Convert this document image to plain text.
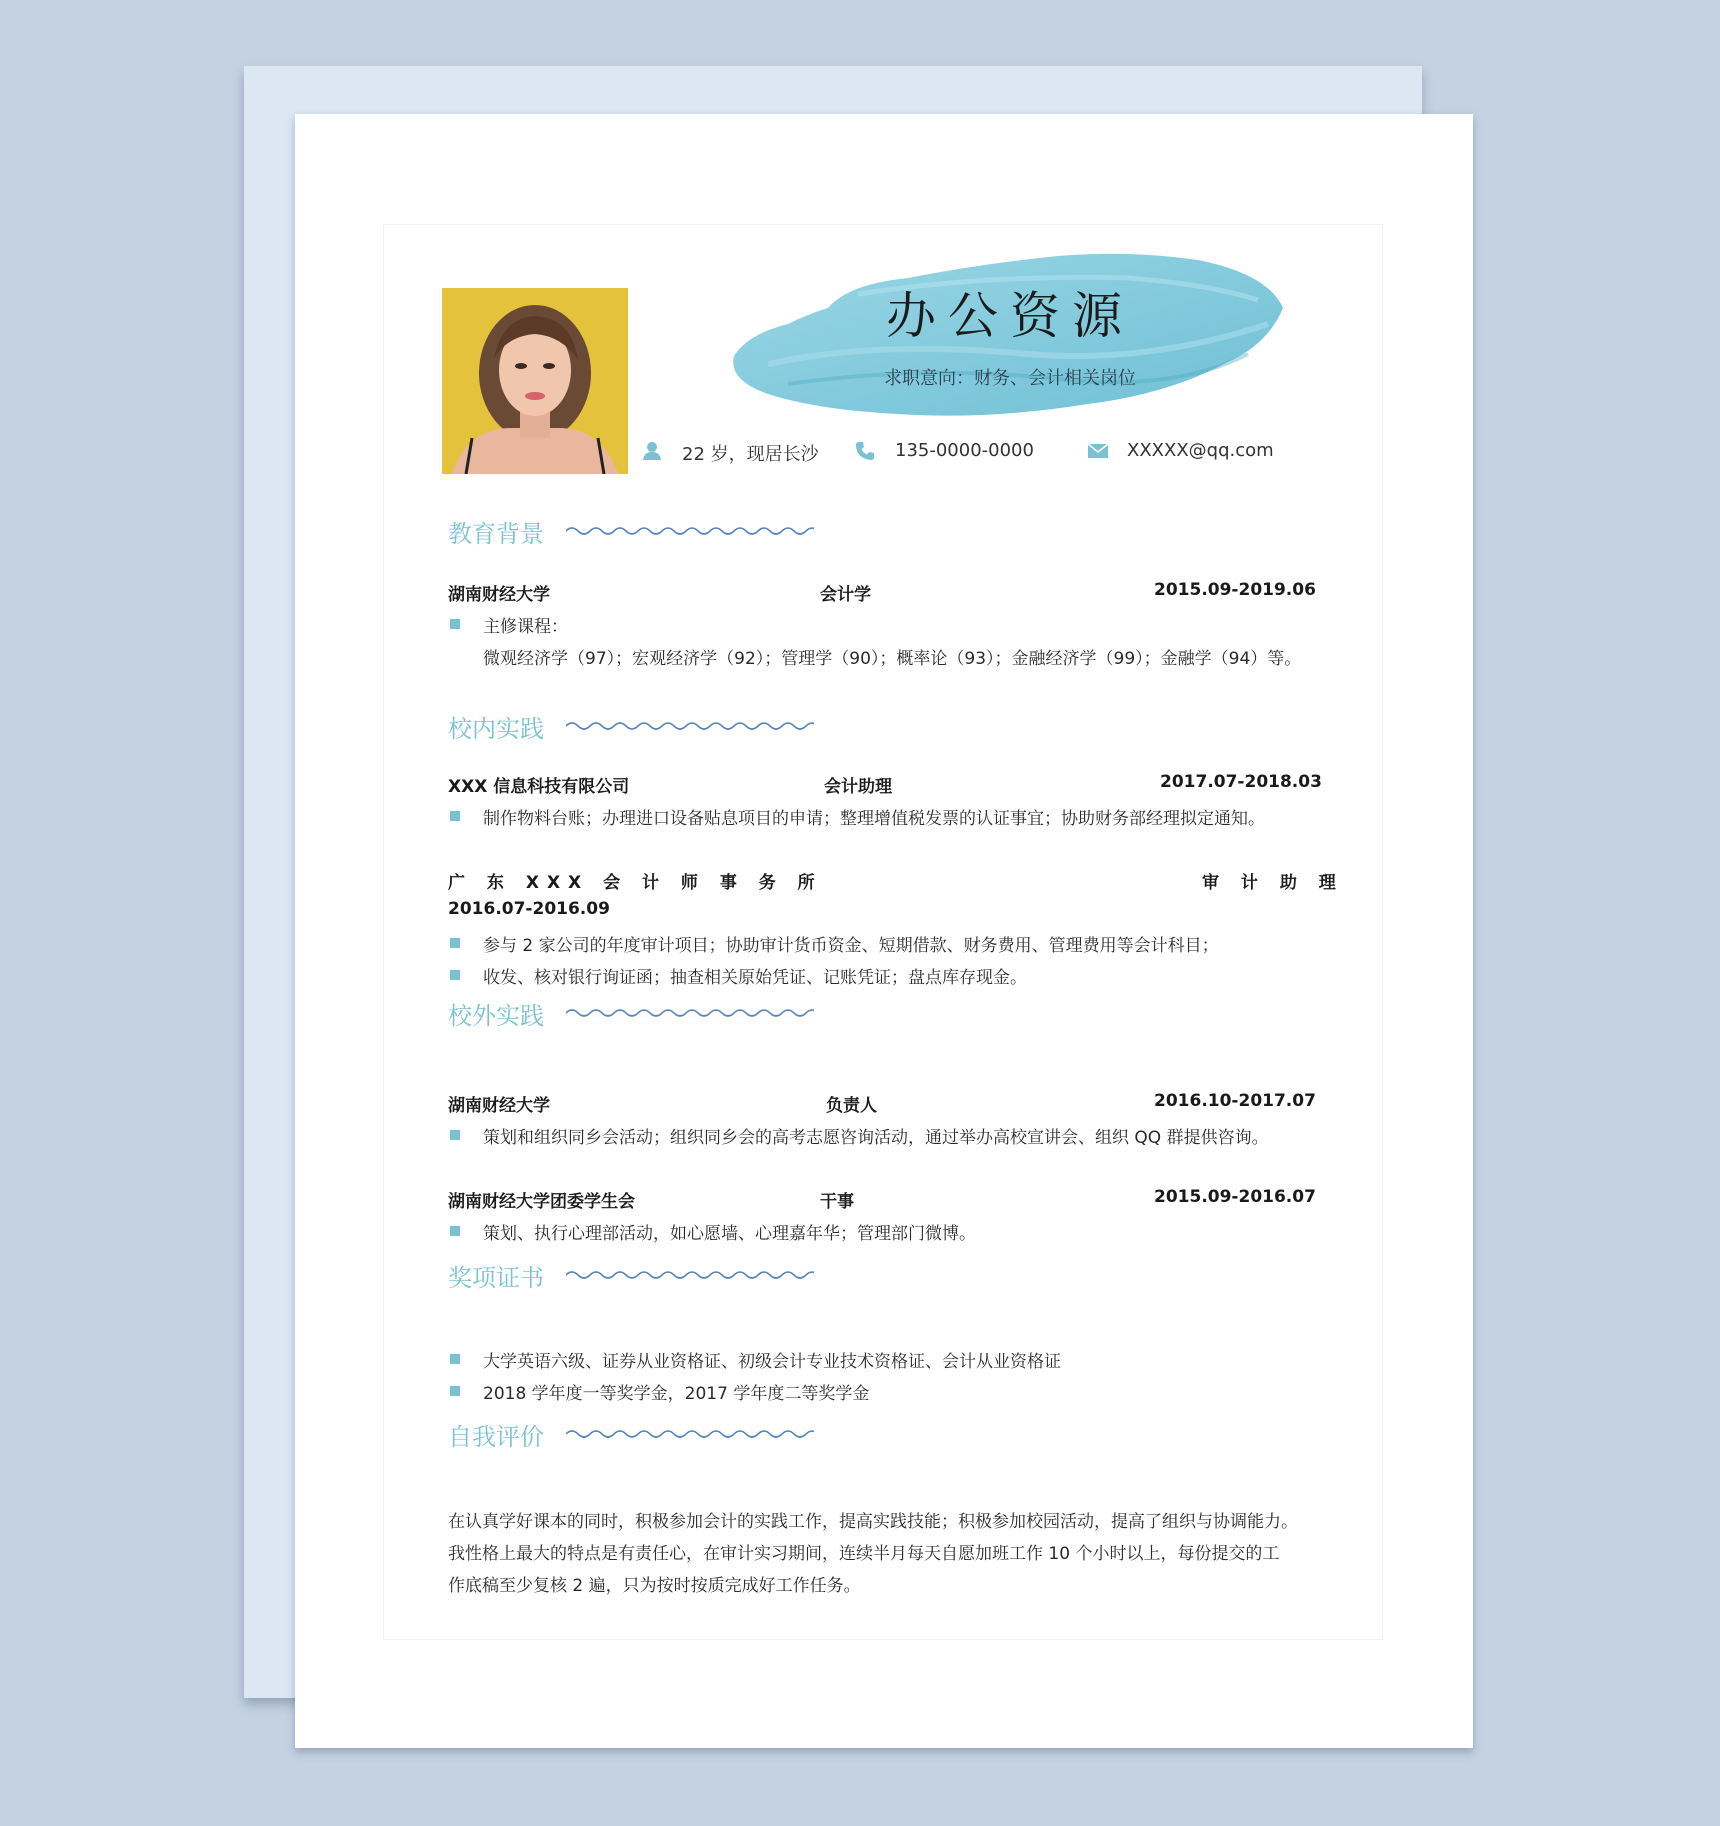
办公资源
求职意向：财务、会计相关岗位
22 岁，现居长沙	135-0000-0000	XXXXX@qq.com
教育背景
湖南财经大学	会计学	2015.09-2019.06
主修课程：
微观经济学（97）；宏观经济学（92）；管理学（90）；概率论（93）；金融经济学（99）；金融学（94）等。
校内实践
XXX 信息科技有限公司	会计助理	2017.07-2018.03
制作物料台账；办理进口设备贴息项目的申请；整理增值税发票的认证事宜；协助财务部经理拟定通知。
广 东 XXX 会 计 师 事 务 所	审 计 助 理
2016.07-2016.09
参与 2 家公司的年度审计项目；协助审计货币资金、短期借款、财务费用、管理费用等会计科目；
收发、核对银行询证函；抽查相关原始凭证、记账凭证；盘点库存现金。
校外实践
湖南财经大学	负责人	2016.10-2017.07
策划和组织同乡会活动；组织同乡会的高考志愿咨询活动，通过举办高校宣讲会、组织 QQ 群提供咨询。
湖南财经大学团委学生会	干事	2015.09-2016.07
策划、执行心理部活动，如心愿墙、心理嘉年华；管理部门微博。
奖项证书
大学英语六级、证券从业资格证、初级会计专业技术资格证、会计从业资格证
2018 学年度一等奖学金，2017 学年度二等奖学金
自我评价
在认真学好课本的同时，积极参加会计的实践工作，提高实践技能；积极参加校园活动，提高了组织与协调能力。
我性格上最大的特点是有责任心，在审计实习期间，连续半月每天自愿加班工作 10 个小时以上，每份提交的工
作底稿至少复核 2 遍，只为按时按质完成好工作任务。
